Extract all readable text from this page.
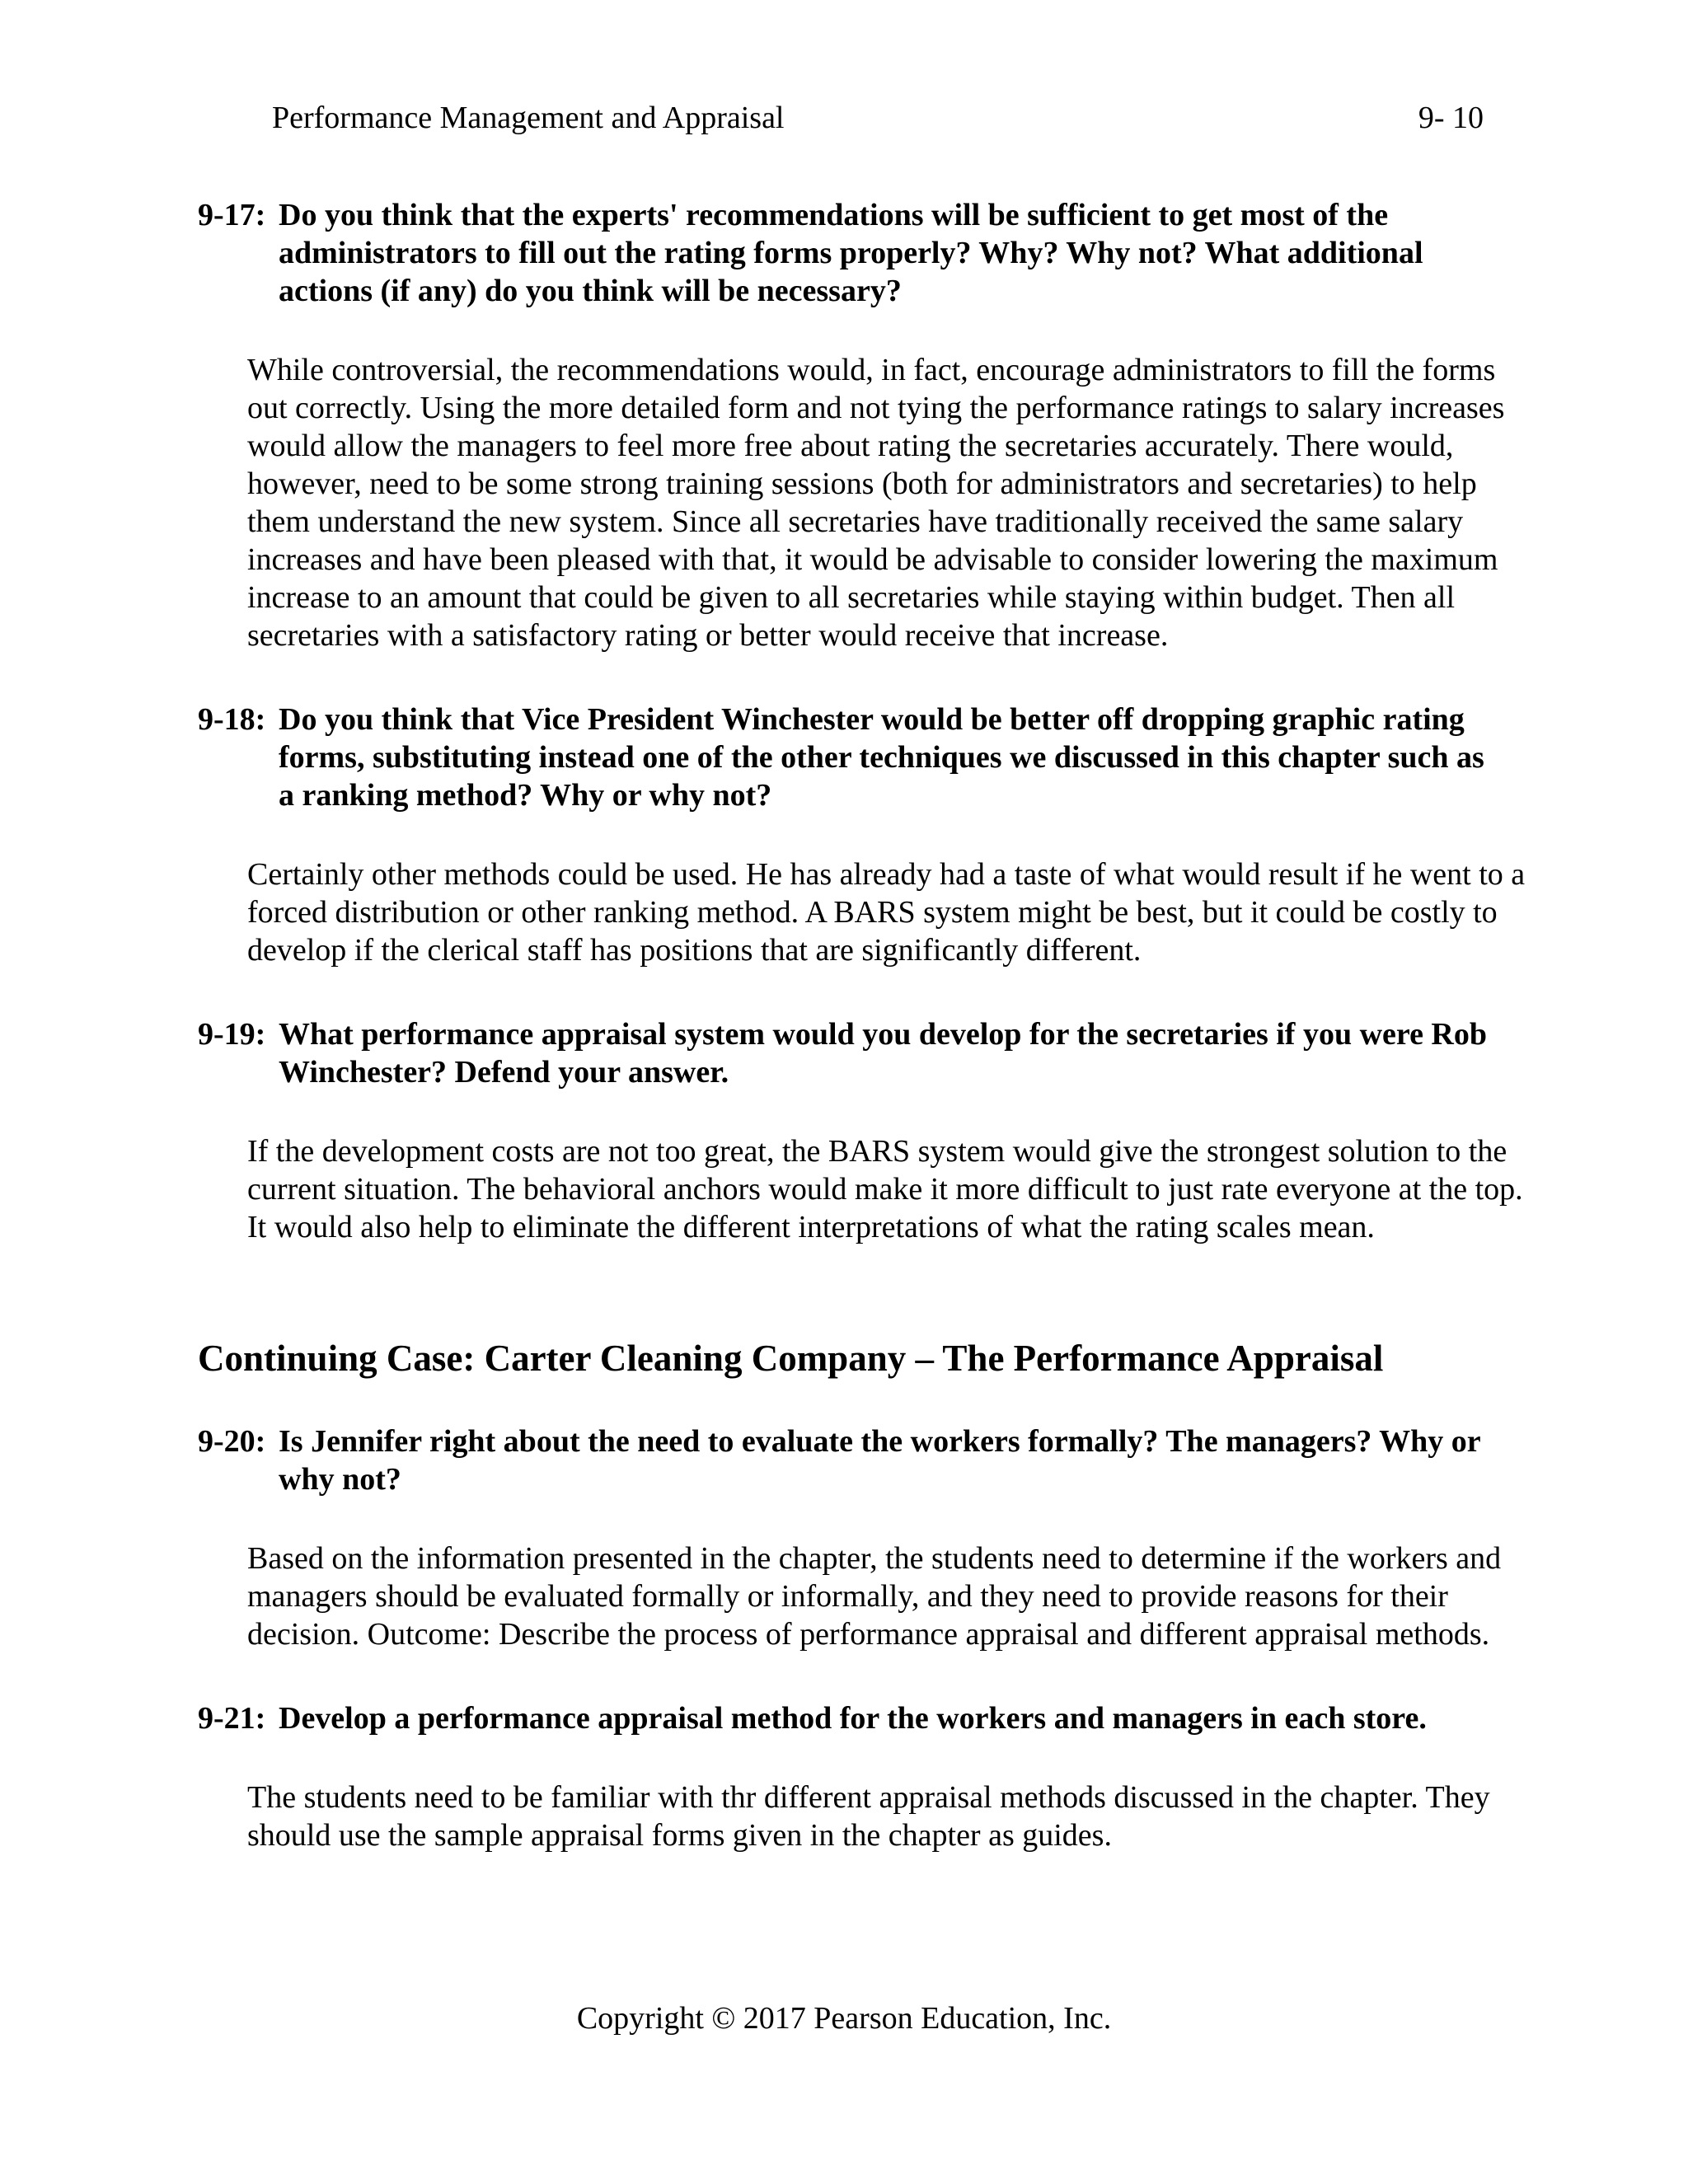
Performance Management and Appraisal	9- 10

9-17: Do you think that the experts' recommendations will be sufficient to get most of the administrators to fill out the rating forms properly? Why? Why not? What additional actions (if any) do you think will be necessary?

While controversial, the recommendations would, in fact, encourage administrators to fill the forms out correctly. Using the more detailed form and not tying the performance ratings to salary increases would allow the managers to feel more free about rating the secretaries accurately. There would, however, need to be some strong training sessions (both for administrators and secretaries) to help them understand the new system. Since all secretaries have traditionally received the same salary increases and have been pleased with that, it would be advisable to consider lowering the maximum increase to an amount that could be given to all secretaries while staying within budget. Then all secretaries with a satisfactory rating or better would receive that increase.

9-18: Do you think that Vice President Winchester would be better off dropping graphic rating forms, substituting instead one of the other techniques we discussed in this chapter such as a ranking method? Why or why not?

Certainly other methods could be used. He has already had a taste of what would result if he went to a forced distribution or other ranking method. A BARS system might be best, but it could be costly to develop if the clerical staff has positions that are significantly different.

9-19: What performance appraisal system would you develop for the secretaries if you were Rob Winchester? Defend your answer.

If the development costs are not too great, the BARS system would give the strongest solution to the current situation. The behavioral anchors would make it more difficult to just rate everyone at the top. It would also help to eliminate the different interpretations of what the rating scales mean.

Continuing Case: Carter Cleaning Company – The Performance Appraisal

9-20: Is Jennifer right about the need to evaluate the workers formally? The managers? Why or why not?

Based on the information presented in the chapter, the students need to determine if the workers and managers should be evaluated formally or informally, and they need to provide reasons for their decision. Outcome: Describe the process of performance appraisal and different appraisal methods.

9-21: Develop a performance appraisal method for the workers and managers in each store.

The students need to be familiar with thr different appraisal methods discussed in the chapter. They should use the sample appraisal forms given in the chapter as guides.

Copyright © 2017 Pearson Education, Inc.
